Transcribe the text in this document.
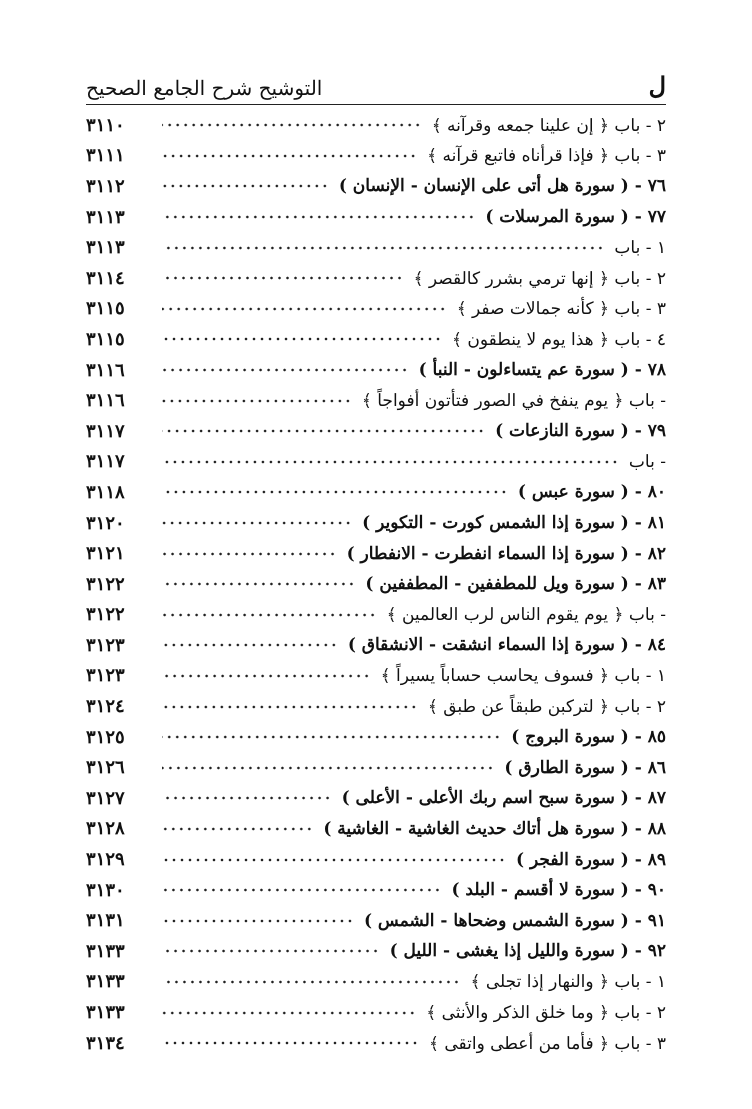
ل
التوشيح شرح الجامع الصحيح
٢ - باب ﴿ إن علينا جمعه وقرآنه ﴾
٣١١٠
٣ - باب ﴿ فإذا قرأناه فاتبع قرآنه ﴾
٣١١١
٧٦ - ( سورة هل أتى على الإنسان - الإنسان )
٣١١٢
٧٧ - ( سورة المرسلات )
٣١١٣
١ - باب
٣١١٣
٢ - باب ﴿ إنها ترمي بشرر كالقصر ﴾
٣١١٤
٣ - باب ﴿ كأنه جمالات صفر ﴾
٣١١٥
٤ - باب ﴿ هذا يوم لا ينطقون ﴾
٣١١٥
٧٨ - ( سورة عم يتساءلون - النبأ )
٣١١٦
- باب ﴿ يوم ينفخ في الصور فتأتون أفواجاً ﴾
٣١١٦
٧٩ - ( سورة النازعات )
٣١١٧
- باب
٣١١٧
٨٠ - ( سورة عبس )
٣١١٨
٨١ - ( سورة إذا الشمس كورت - التكوير )
٣١٢٠
٨٢ - ( سورة إذا السماء انفطرت - الانفطار )
٣١٢١
٨٣ - ( سورة ويل للمطففين - المطففين )
٣١٢٢
- باب ﴿ يوم يقوم الناس لرب العالمين ﴾
٣١٢٢
٨٤ - ( سورة إذا السماء انشقت - الانشقاق )
٣١٢٣
١ - باب ﴿ فسوف يحاسب حساباً يسيراً ﴾
٣١٢٣
٢ - باب ﴿ لتركبن طبقاً عن طبق ﴾
٣١٢٤
٨٥ - ( سورة البروج )
٣١٢٥
٨٦ - ( سورة الطارق )
٣١٢٦
٨٧ - ( سورة سبح اسم ربك الأعلى - الأعلى )
٣١٢٧
٨٨ - ( سورة هل أتاك حديث الغاشية - الغاشية )
٣١٢٨
٨٩ - ( سورة الفجر )
٣١٢٩
٩٠ - ( سورة لا أقسم - البلد )
٣١٣٠
٩١ - ( سورة الشمس وضحاها - الشمس )
٣١٣١
٩٢ - ( سورة والليل إذا يغشى - الليل )
٣١٣٣
١ - باب ﴿ والنهار إذا تجلى ﴾
٣١٣٣
٢ - باب ﴿ وما خلق الذكر والأنثى ﴾
٣١٣٣
٣ - باب ﴿ فأما من أعطى واتقى ﴾
٣١٣٤
